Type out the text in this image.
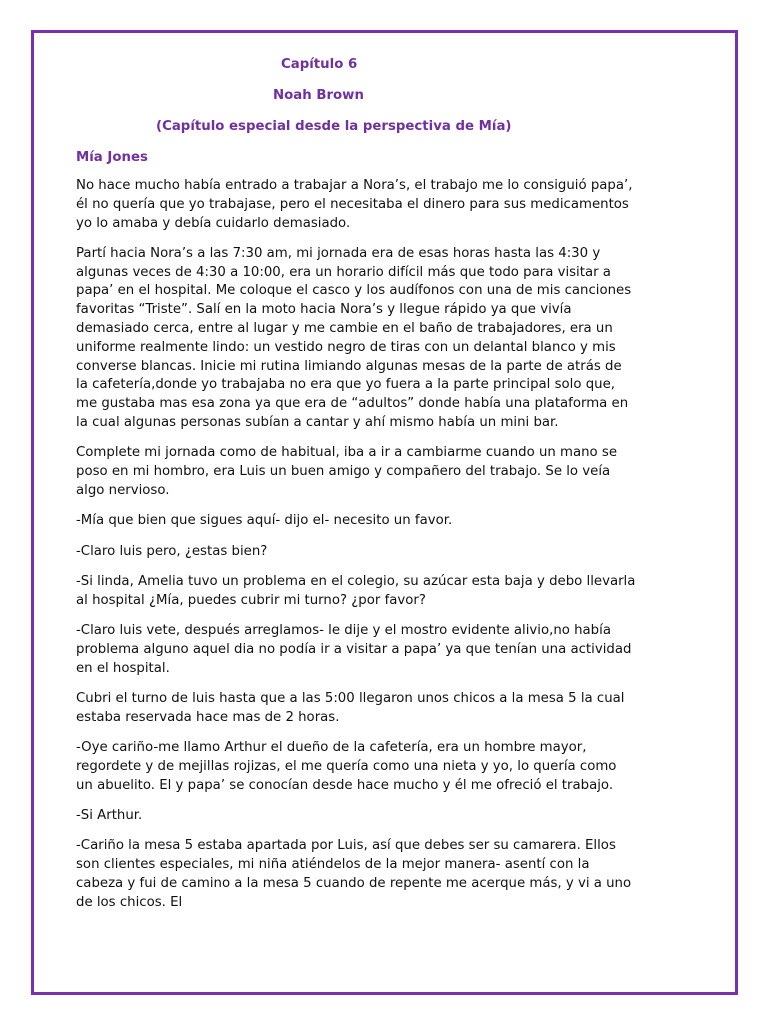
Capítulo 6
Noah Brown
(Capítulo especial desde la perspectiva de Mía)
Mía Jones

No hace mucho había entrado a trabajar a Nora’s, el trabajo me lo consiguió papa’, él no quería que yo trabajase, pero el necesitaba el dinero para sus medicamentos yo lo amaba y debía cuidarlo demasiado.

Partí hacia Nora’s a las 7:30 am, mi jornada era de esas horas hasta las 4:30 y algunas veces de 4:30 a 10:00, era un horario difícil más que todo para visitar a papa’ en el hospital. Me coloque el casco y los audífonos con una de mis canciones favoritas “Triste”. Salí en la moto hacia Nora’s y llegue rápido ya que vivía demasiado cerca, entre al lugar y me cambie en el baño de trabajadores, era un uniforme realmente lindo: un vestido negro de tiras con un delantal blanco y mis converse blancas. Inicie mi rutina limiando algunas mesas de la parte de atrás de la cafetería,donde yo trabajaba no era que yo fuera a la parte principal solo que, me gustaba mas esa zona ya que era de “adultos” donde había una plataforma en la cual algunas personas subían a cantar y ahí mismo había un mini bar.

Complete mi jornada como de habitual, iba a ir a cambiarme cuando un mano se poso en mi hombro, era Luis un buen amigo y compañero del trabajo. Se lo veía algo nervioso.

-Mía que bien que sigues aquí- dijo el- necesito un favor.

-Claro luis pero, ¿estas bien?

-Si linda, Amelia tuvo un problema en el colegio, su azúcar esta baja y debo llevarla al hospital ¿Mía, puedes cubrir mi turno? ¿por favor?

-Claro luis vete, después arreglamos- le dije y el mostro evidente alivio,no había problema alguno aquel dia no podía ir a visitar a papa’ ya que tenían una actividad en el hospital.

Cubri el turno de luis hasta que a las 5:00 llegaron unos chicos a la mesa 5 la cual estaba reservada hace mas de 2 horas.

-Oye cariño-me llamo Arthur el dueño de la cafetería, era un hombre mayor, regordete y de mejillas rojizas, el me quería como una nieta y yo, lo quería como un abuelito. El y papa’ se conocían desde hace mucho y él me ofreció el trabajo.

-Si Arthur.

-Cariño la mesa 5 estaba apartada por Luis, así que debes ser su camarera. Ellos son clientes especiales, mi niña atiéndelos de la mejor manera- asentí con la cabeza y fui de camino a la mesa 5 cuando de repente me acerque más, y vi a uno de los chicos. El
